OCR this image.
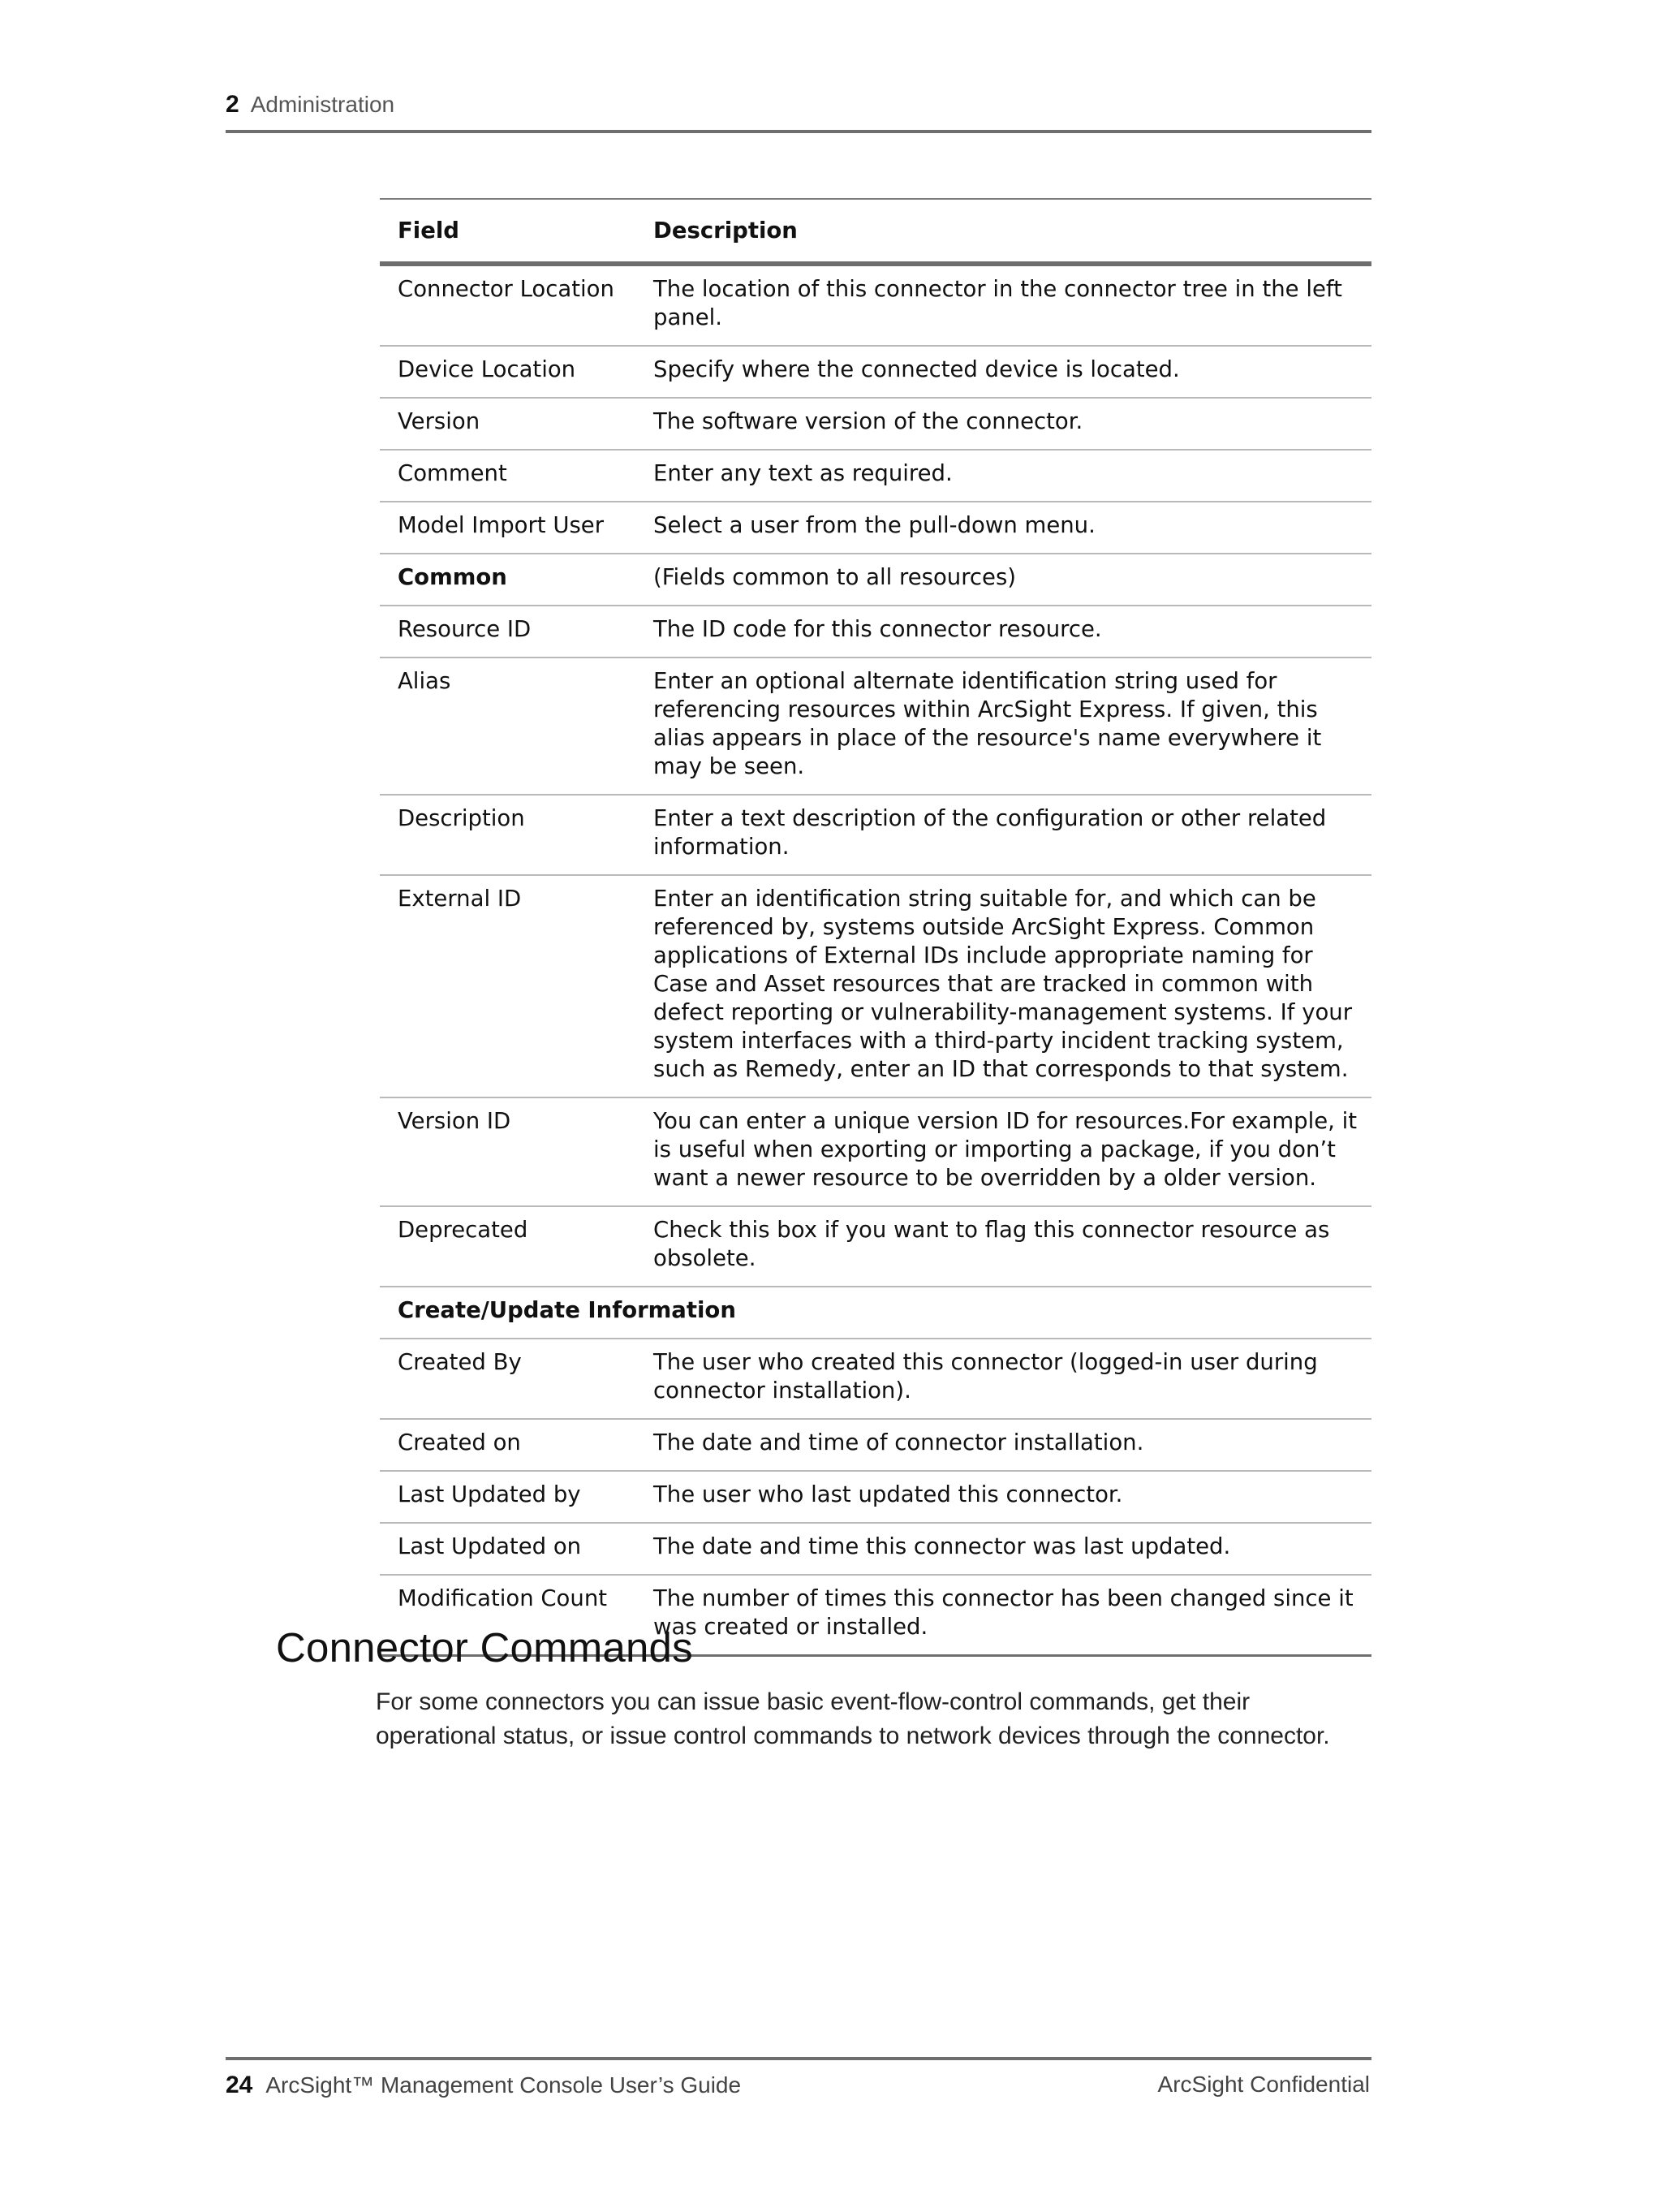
2 Administration
Field	Description
Connector Location	The location of this connector in the connector tree in the left panel.
Device Location	Specify where the connected device is located.
Version	The software version of the connector.
Comment	Enter any text as required.
Model Import User	Select a user from the pull-down menu.
Common	(Fields common to all resources)
Resource ID	The ID code for this connector resource.
Alias	Enter an optional alternate identification string used for referencing resources within ArcSight Express. If given, this alias appears in place of the resource's name everywhere it may be seen.
Description	Enter a text description of the configuration or other related information.
External ID	Enter an identification string suitable for, and which can be referenced by, systems outside ArcSight Express. Common applications of External IDs include appropriate naming for Case and Asset resources that are tracked in common with defect reporting or vulnerability-management systems. If your system interfaces with a third-party incident tracking system, such as Remedy, enter an ID that corresponds to that system.
Version ID	You can enter a unique version ID for resources.For example, it is useful when exporting or importing a package, if you don’t want a newer resource to be overridden by a older version.
Deprecated	Check this box if you want to flag this connector resource as obsolete.
Create/Update Information	
Created By	The user who created this connector (logged-in user during connector installation).
Created on	The date and time of connector installation.
Last Updated by	The user who last updated this connector.
Last Updated on	The date and time this connector was last updated.
Modification Count	The number of times this connector has been changed since it was created or installed.
Connector Commands

For some connectors you can issue basic event-flow-control commands, get their operational status, or issue control commands to network devices through the connector.

24 ArcSight™ Management Console User’s Guide	ArcSight Confidential
